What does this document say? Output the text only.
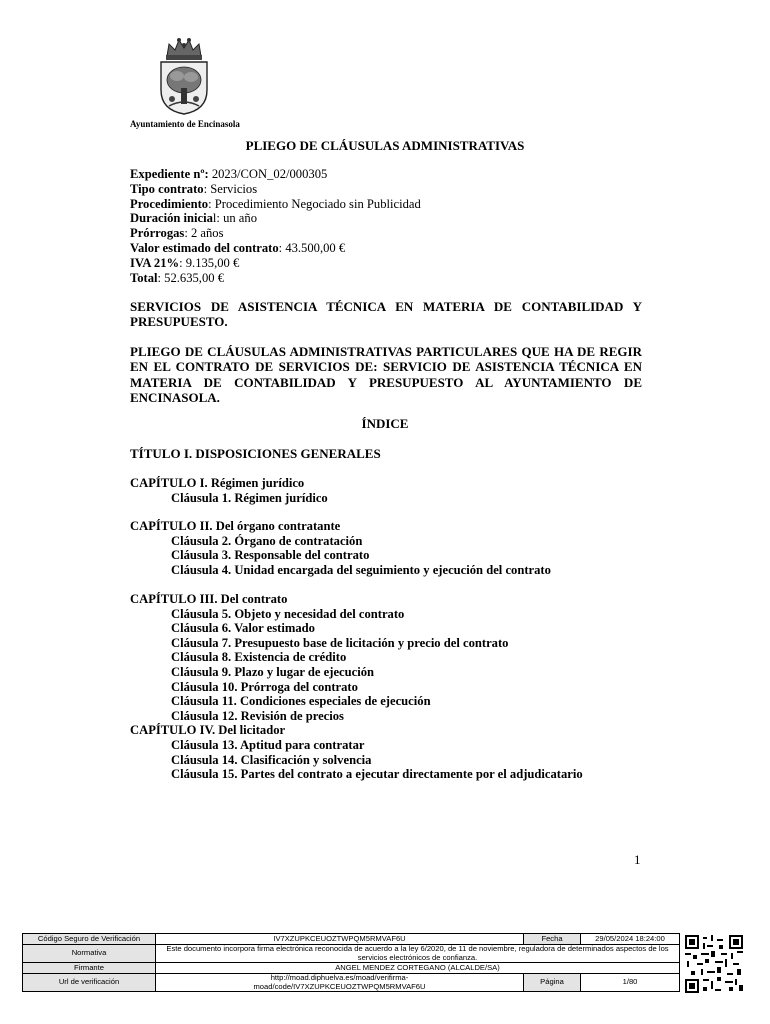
Ayuntamiento de Encinasola
PLIEGO DE CLÁUSULAS ADMINISTRATIVAS
Expediente nº: 2023/CON_02/000305
Tipo contrato: Servicios
Procedimiento: Procedimiento Negociado sin Publicidad
Duración inicial: un año
Prórrogas: 2 años
Valor estimado del contrato: 43.500,00 €
IVA 21%: 9.135,00 €
Total: 52.635,00 €
SERVICIOS DE ASISTENCIA TÉCNICA EN MATERIA DE CONTABILIDAD Y PRESUPUESTO.
PLIEGO DE CLÁUSULAS ADMINISTRATIVAS PARTICULARES QUE HA DE REGIR EN EL CONTRATO DE SERVICIOS DE: SERVICIO DE ASISTENCIA TÉCNICA EN MATERIA DE CONTABILIDAD Y PRESUPUESTO AL AYUNTAMIENTO DE ENCINASOLA.
ÍNDICE
TÍTULO I. DISPOSICIONES GENERALES
CAPÍTULO I. Régimen jurídico
Cláusula 1. Régimen jurídico
CAPÍTULO II. Del órgano contratante
Cláusula 2. Órgano de contratación
Cláusula 3. Responsable del contrato
Cláusula 4. Unidad encargada del seguimiento y ejecución del contrato
CAPÍTULO III. Del contrato
Cláusula 5. Objeto y necesidad del contrato
Cláusula 6. Valor estimado
Cláusula 7. Presupuesto base de licitación y precio del contrato
Cláusula 8. Existencia de crédito
Cláusula 9. Plazo y lugar de ejecución
Cláusula 10. Prórroga del contrato
Cláusula 11. Condiciones especiales de ejecución
Cláusula 12. Revisión de precios
CAPÍTULO IV. Del licitador
Cláusula 13. Aptitud para contratar
Cláusula 14. Clasificación y solvencia
Cláusula 15. Partes del contrato a ejecutar directamente por el adjudicatario
1
Código Seguro de Verificación	IV7XZUPKCEUOZTWPQM5RMVAF6U	Fecha	29/05/2024 18:24:00
Normativa	Este documento incorpora firma electrónica reconocida de acuerdo a la ley 6/2020, de 11 de noviembre, reguladora de determinados aspectos de los servicios electrónicos de confianza.		
Firmante	ANGEL MENDEZ CORTEGANO (ALCALDE/SA)		
Url de verificación	http://moad.diphuelva.es/moad/verifirma-
moad/code/IV7XZUPKCEUOZTWPQM5RMVAF6U	Página	1/80
